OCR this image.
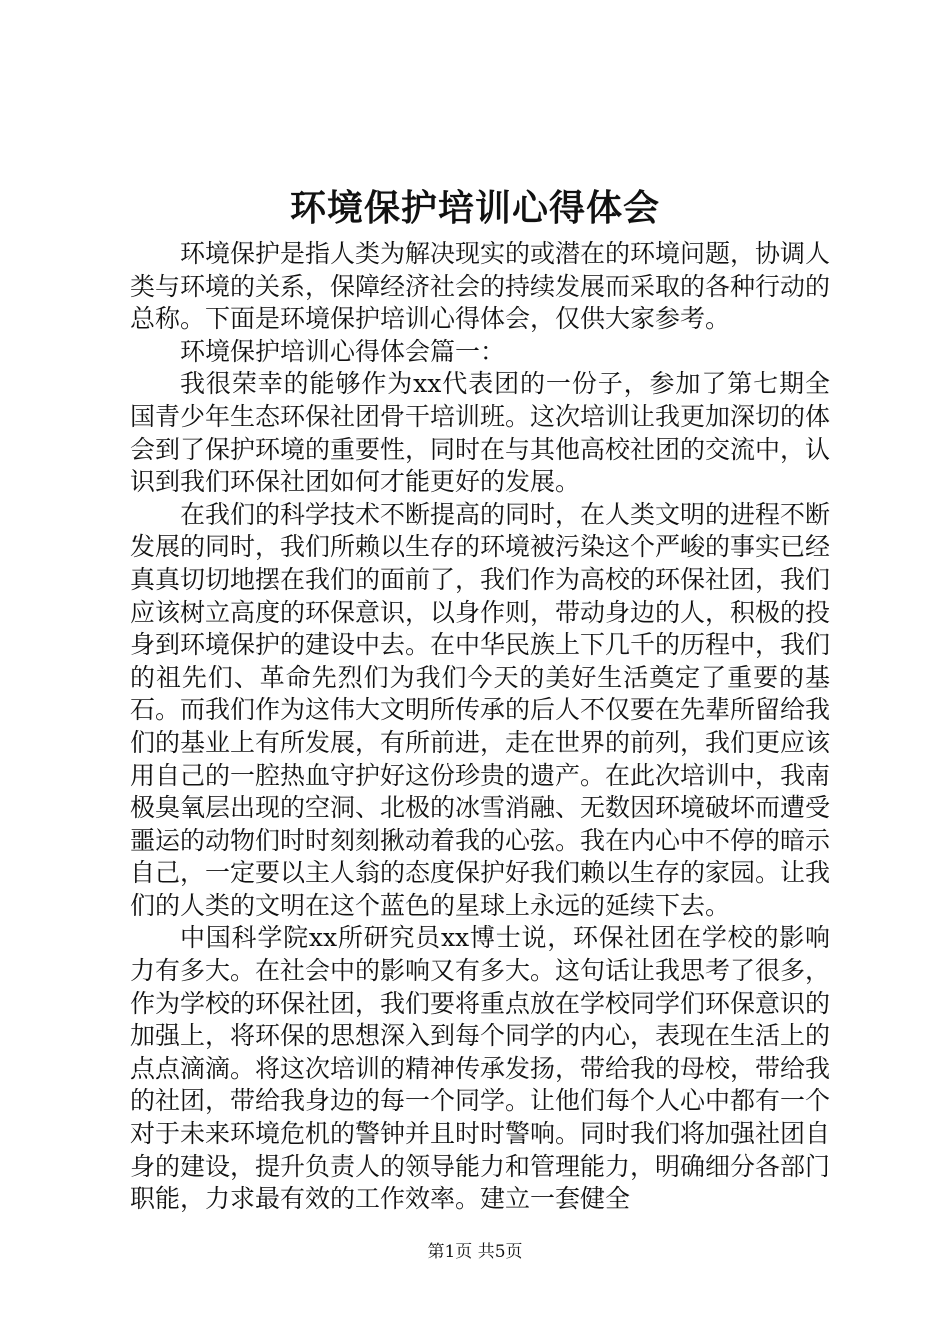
环境保护培训心得体会

环境保护是指人类为解决现实的或潜在的环境问题，协调人类与环境的关系，保障经济社会的持续发展而采取的各种行动的总称。下面是环境保护培训心得体会，仅供大家参考。

环境保护培训心得体会篇一：

我很荣幸的能够作为xx代表团的一份子，参加了第七期全国青少年生态环保社团骨干培训班。这次培训让我更加深切的体会到了保护环境的重要性，同时在与其他高校社团的交流中，认识到我们环保社团如何才能更好的发展。

在我们的科学技术不断提高的同时，在人类文明的进程不断发展的同时，我们所赖以生存的环境被污染这个严峻的事实已经真真切切地摆在我们的面前了，我们作为高校的环保社团，我们应该树立高度的环保意识，以身作则，带动身边的人，积极的投身到环境保护的建设中去。在中华民族上下几千的历程中，我们的祖先们、革命先烈们为我们今天的美好生活奠定了重要的基石。而我们作为这伟大文明所传承的后人不仅要在先辈所留给我们的基业上有所发展，有所前进，走在世界的前列，我们更应该用自己的一腔热血守护好这份珍贵的遗产。在此次培训中，我南极臭氧层出现的空洞、北极的冰雪消融、无数因环境破坏而遭受噩运的动物们时时刻刻揪动着我的心弦。我在内心中不停的暗示自己，一定要以主人翁的态度保护好我们赖以生存的家园。让我们的人类的文明在这个蓝色的星球上永远的延续下去。

中国科学院xx所研究员xx博士说，环保社团在学校的影响力有多大。在社会中的影响又有多大。这句话让我思考了很多，作为学校的环保社团，我们要将重点放在学校同学们环保意识的加强上，将环保的思想深入到每个同学的内心，表现在生活上的点点滴滴。将这次培训的精神传承发扬，带给我的母校，带给我的社团，带给我身边的每一个同学。让他们每个人心中都有一个对于未来环境危机的警钟并且时时警响。同时我们将加强社团自身的建设，提升负责人的领导能力和管理能力，明确细分各部门职能，力求最有效的工作效率。建立一套健全

第1页 共5页
